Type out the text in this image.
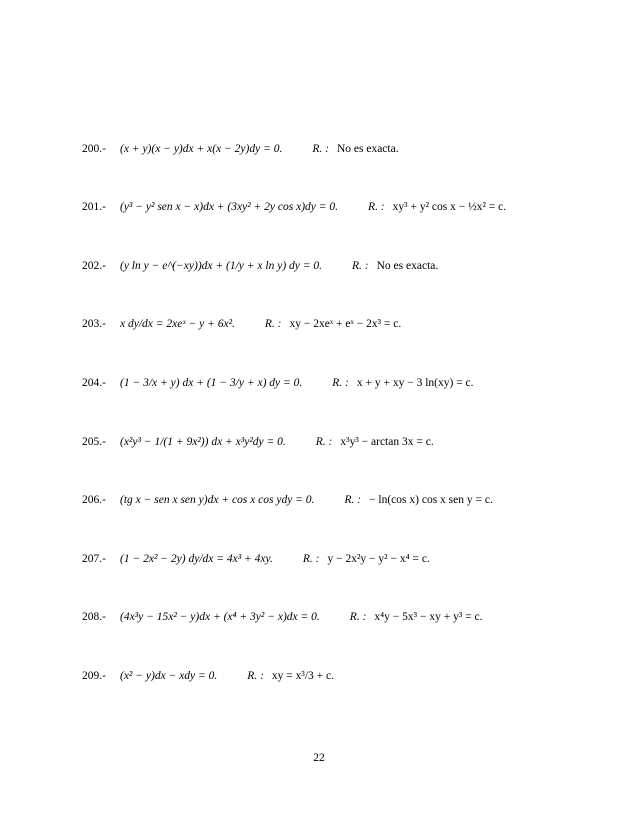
200.-	(x + y)(x − y)dx + x(x − 2y)dy = 0.	R. : No es exacta.
201.-	(y³ − y² sen x − x)dx + (3xy² + 2y cos x)dy = 0.	R. : xy³ + y² cos x − ½x² = c.
202.-	(y ln y − e^(−xy))dx + (1/y + x ln y) dy = 0.	R. : No es exacta.
203.-	x dy/dx = 2xeˣ − y + 6x².	R. : xy − 2xeˣ + eˣ − 2x³ = c.
204.-	(1 − 3/x + y) dx + (1 − 3/y + x) dy = 0.	R. : x + y + xy − 3 ln(xy) = c.
205.-	(x²y³ − 1/(1 + 9x²)) dx + x³y²dy = 0.	R. : x³y³ − arctan 3x = c.
206.-	(tg x − sen x sen y)dx + cos x cos ydy = 0.	R. : − ln(cos x) cos x sen y = c.
207.-	(1 − 2x² − 2y) dy/dx = 4x³ + 4xy.	R. : y − 2x²y − y² − x⁴ = c.
208.-	(4x³y − 15x² − y)dx + (x⁴ + 3y² − x)dx = 0.	R. : x⁴y − 5x³ − xy + y³ = c.
209.-	(x² − y)dx − xdy = 0.	R. : xy = x³/3 + c.
22
